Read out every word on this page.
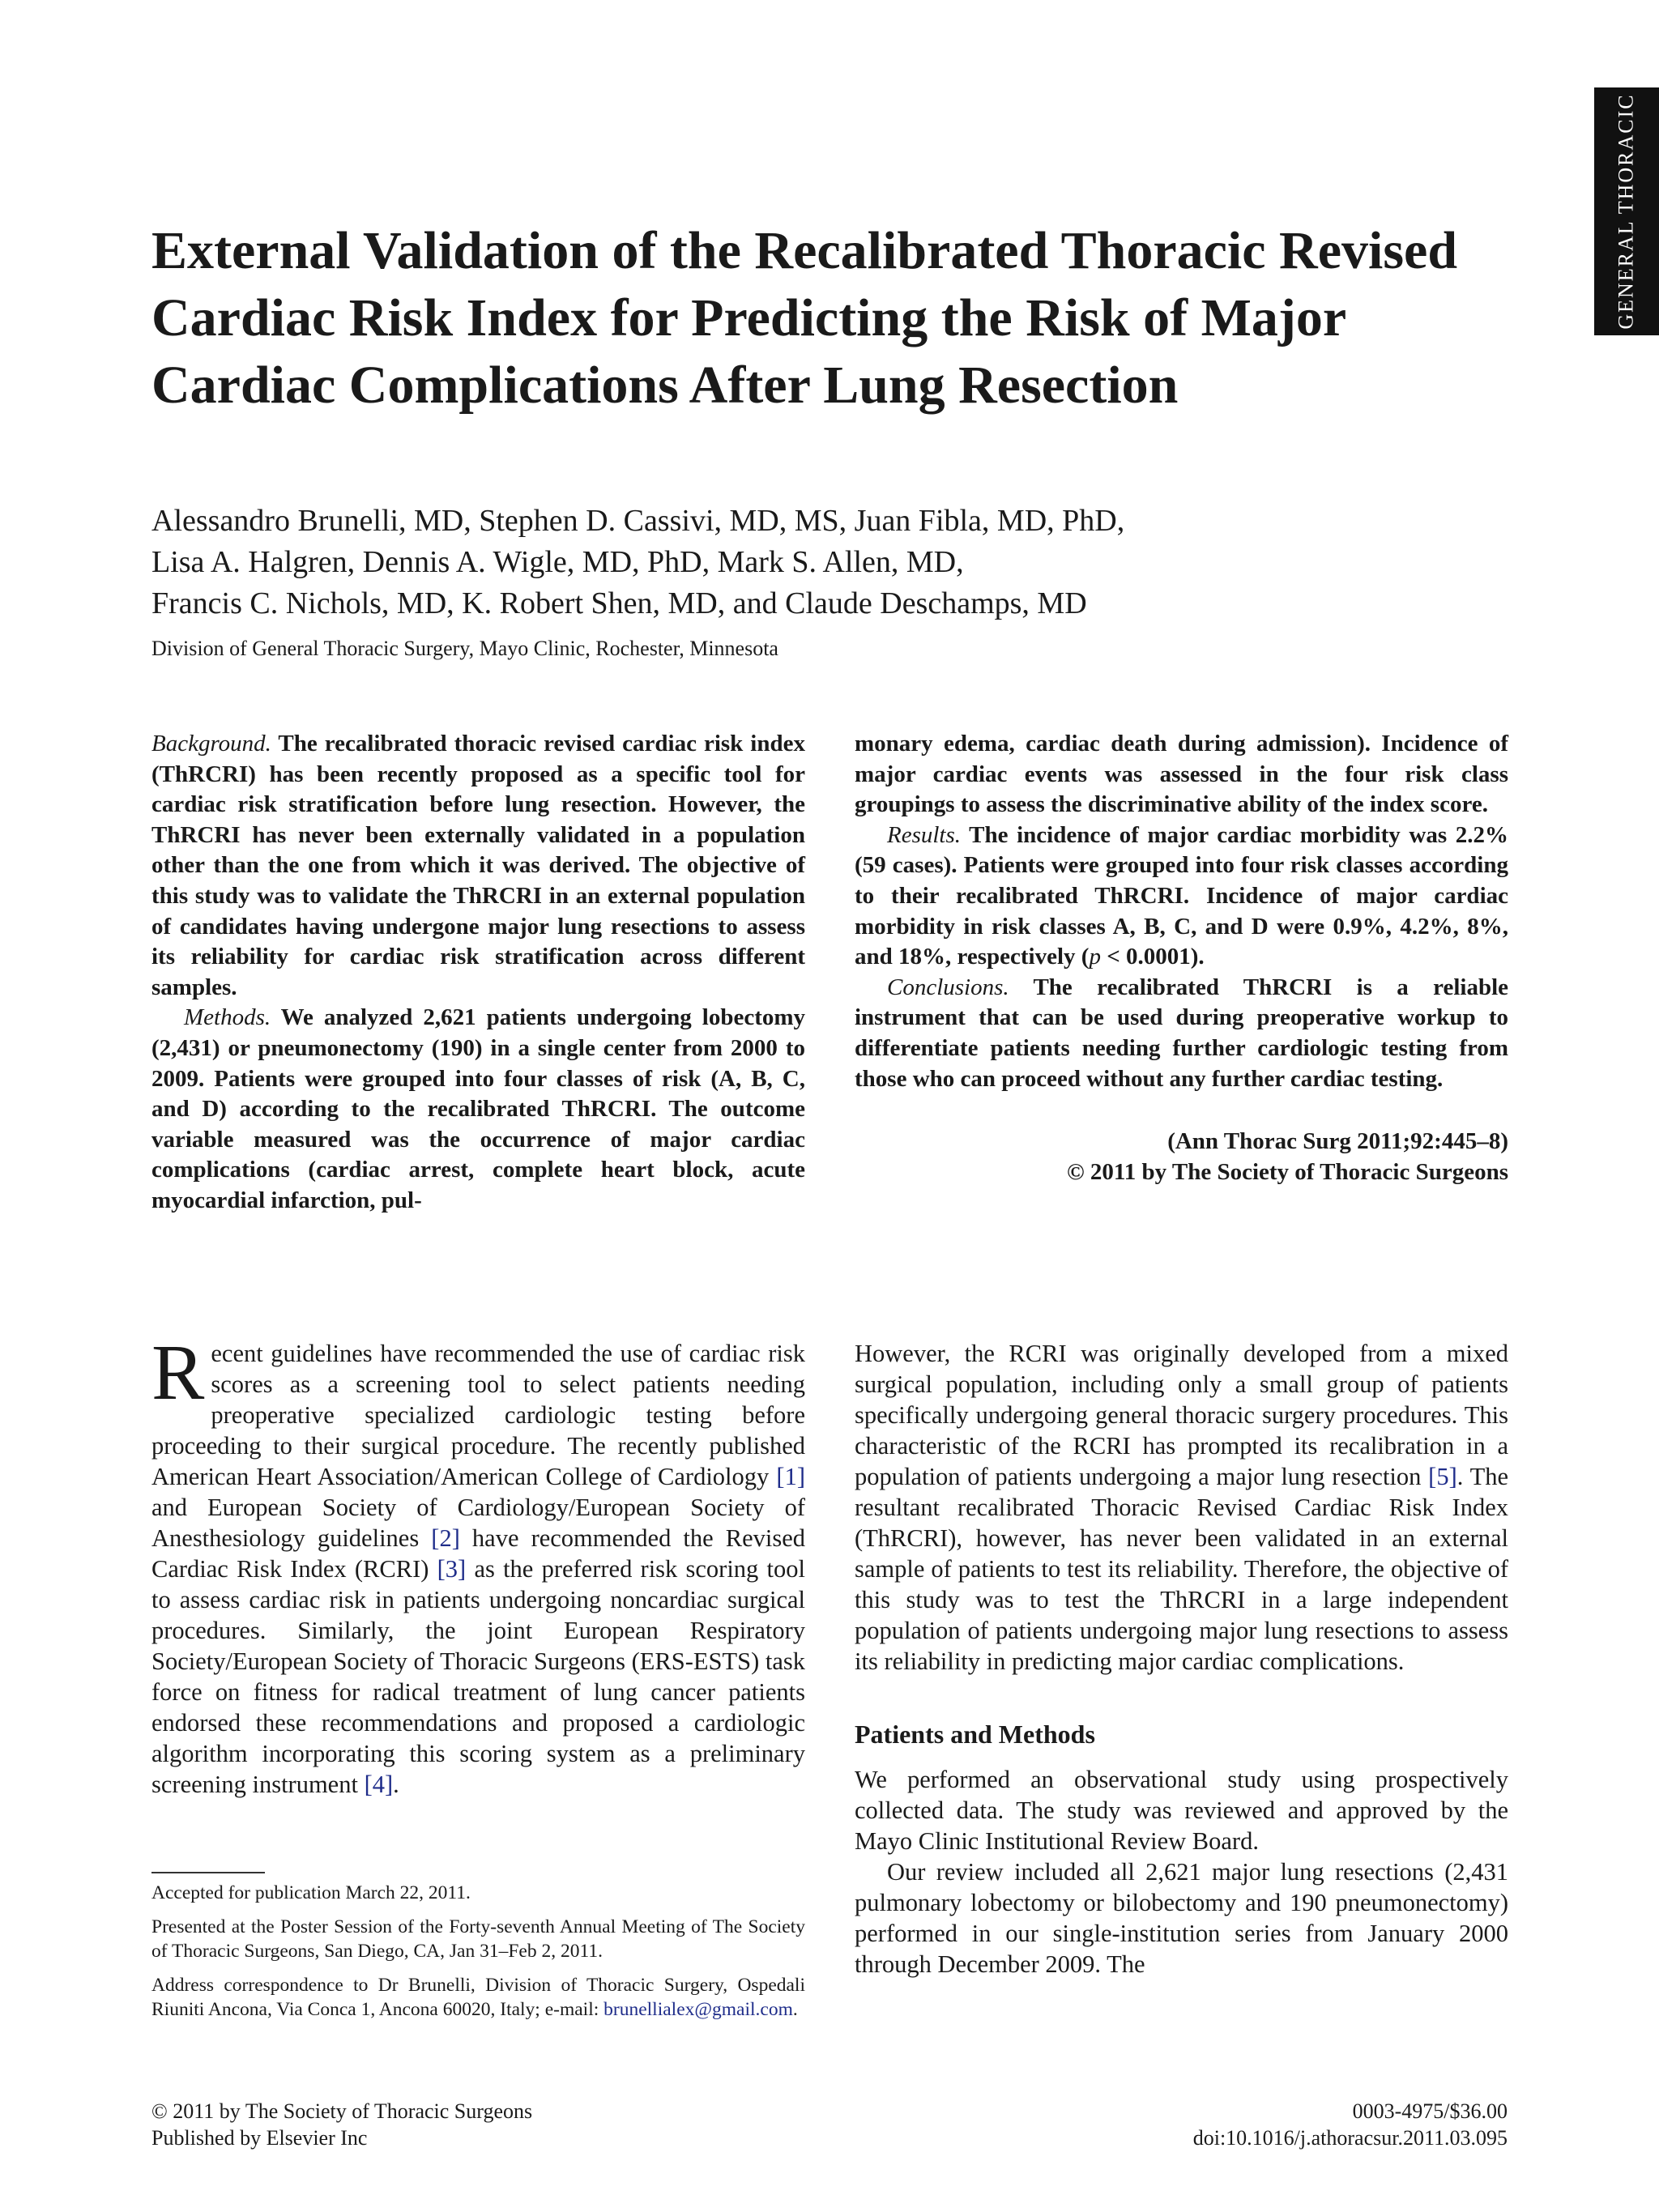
GENERAL THORACIC
External Validation of the Recalibrated Thoracic Revised Cardiac Risk Index for Predicting the Risk of Major Cardiac Complications After Lung Resection
Alessandro Brunelli, MD, Stephen D. Cassivi, MD, MS, Juan Fibla, MD, PhD,
Lisa A. Halgren, Dennis A. Wigle, MD, PhD, Mark S. Allen, MD,
Francis C. Nichols, MD, K. Robert Shen, MD, and Claude Deschamps, MD
Division of General Thoracic Surgery, Mayo Clinic, Rochester, Minnesota

Background. The recalibrated thoracic revised cardiac risk index (ThRCRI) has been recently proposed as a specific tool for cardiac risk stratification before lung resection. However, the ThRCRI has never been externally validated in a population other than the one from which it was derived. The objective of this study was to validate the ThRCRI in an external population of candidates having undergone major lung resections to assess its reliability for cardiac risk stratification across different samples.

Methods. We analyzed 2,621 patients undergoing lobectomy (2,431) or pneumonectomy (190) in a single center from 2000 to 2009. Patients were grouped into four classes of risk (A, B, C, and D) according to the recalibrated ThRCRI. The outcome variable measured was the occurrence of major cardiac complications (cardiac arrest, complete heart block, acute myocardial infarction, pul-

monary edema, cardiac death during admission). Incidence of major cardiac events was assessed in the four risk class groupings to assess the discriminative ability of the index score.

Results. The incidence of major cardiac morbidity was 2.2% (59 cases). Patients were grouped into four risk classes according to their recalibrated ThRCRI. Incidence of major cardiac morbidity in risk classes A, B, C, and D were 0.9%, 4.2%, 8%, and 18%, respectively (p < 0.0001).

Conclusions. The recalibrated ThRCRI is a reliable instrument that can be used during preoperative workup to differentiate patients needing further cardiologic testing from those who can proceed without any further cardiac testing.

(Ann Thorac Surg 2011;92:445–8)
© 2011 by The Society of Thoracic Surgeons

Recent guidelines have recommended the use of cardiac risk scores as a screening tool to select patients needing preoperative specialized cardiologic testing before proceeding to their surgical procedure. The recently published American Heart Association/American College of Cardiology [1] and European Society of Cardiology/European Society of Anesthesiology guidelines [2] have recommended the Revised Cardiac Risk Index (RCRI) [3] as the preferred risk scoring tool to assess cardiac risk in patients undergoing noncardiac surgical procedures. Similarly, the joint European Respiratory Society/European Society of Thoracic Surgeons (ERS-ESTS) task force on fitness for radical treatment of lung cancer patients endorsed these recommendations and proposed a cardiologic algorithm incorporating this scoring system as a preliminary screening instrument [4].

However, the RCRI was originally developed from a mixed surgical population, including only a small group of patients specifically undergoing general thoracic surgery procedures. This characteristic of the RCRI has prompted its recalibration in a population of patients undergoing a major lung resection [5]. The resultant recalibrated Thoracic Revised Cardiac Risk Index (ThRCRI), however, has never been validated in an external sample of patients to test its reliability. Therefore, the objective of this study was to test the ThRCRI in a large independent population of patients undergoing major lung resections to assess its reliability in predicting major cardiac complications.

Patients and Methods

We performed an observational study using prospectively collected data. The study was reviewed and approved by the Mayo Clinic Institutional Review Board.

Our review included all 2,621 major lung resections (2,431 pulmonary lobectomy or bilobectomy and 190 pneumonectomy) performed in our single-institution series from January 2000 through December 2009. The

Accepted for publication March 22, 2011.

Presented at the Poster Session of the Forty-seventh Annual Meeting of The Society of Thoracic Surgeons, San Diego, CA, Jan 31–Feb 2, 2011.

Address correspondence to Dr Brunelli, Division of Thoracic Surgery, Ospedali Riuniti Ancona, Via Conca 1, Ancona 60020, Italy; e-mail: brunellialex@gmail.com.

© 2011 by The Society of Thoracic Surgeons
Published by Elsevier Inc
0003-4975/$36.00
doi:10.1016/j.athoracsur.2011.03.095
